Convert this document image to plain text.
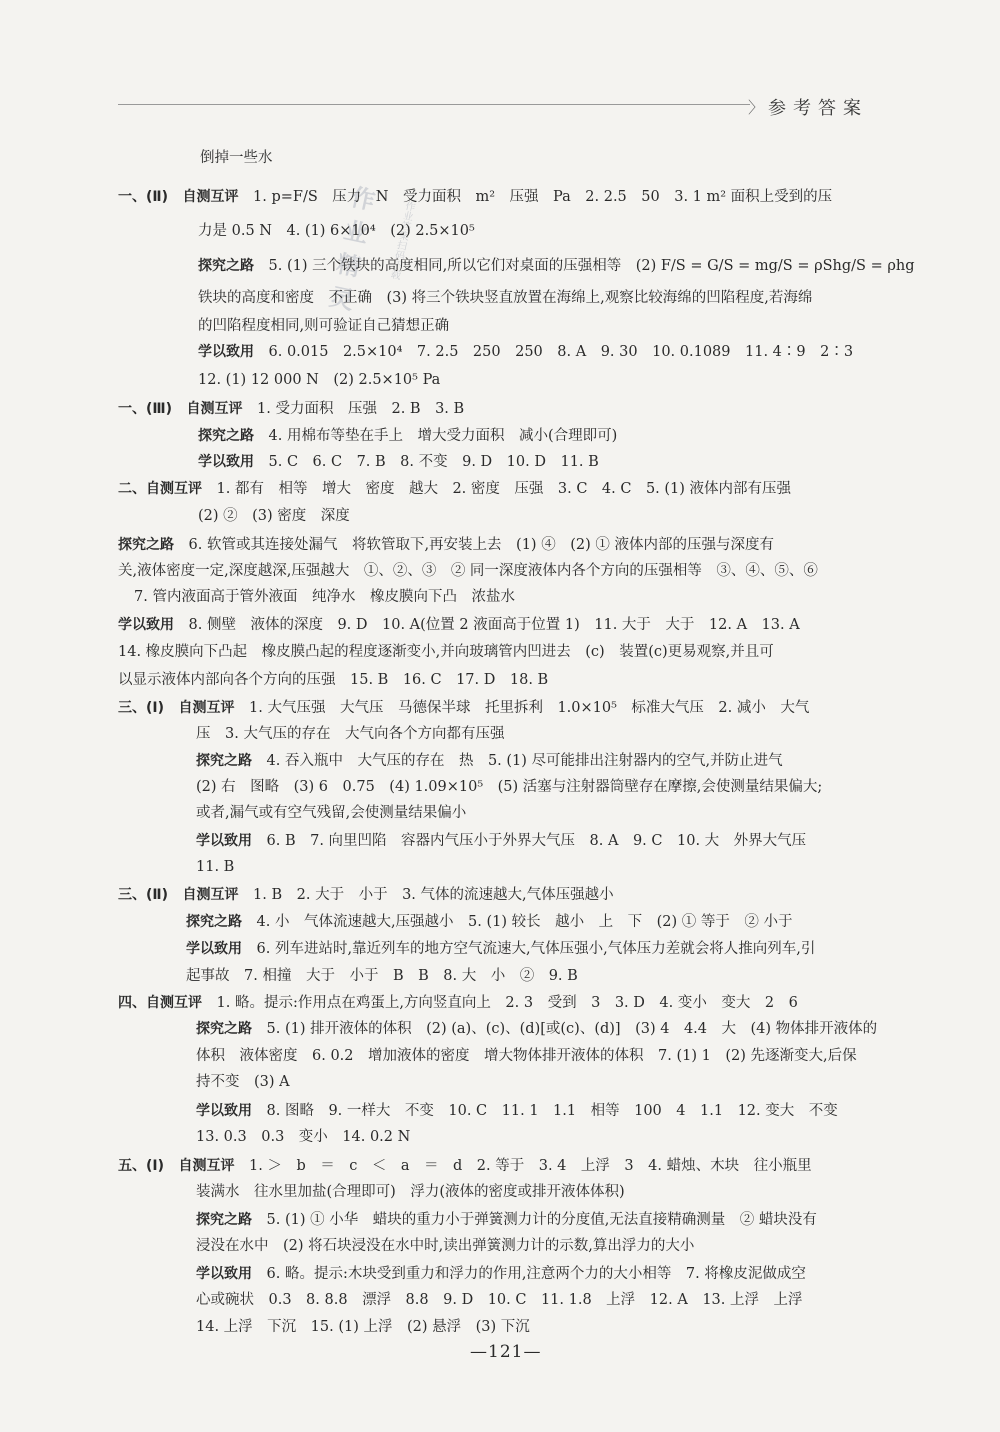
〉 参考答案
作业精灵	作业答案扫码下载
倒掉一些水
一、(Ⅱ)　 自测互评　1. p=F/S　压力　N　受力面积　m²　压强　Pa　2. 2.5　50　3. 1 m² 面积上受到的压
力是 0.5 N　4. (1) 6×10⁴　(2) 2.5×10⁵
探究之路　5. (1) 三个铁块的高度相同,所以它们对桌面的压强相等　(2) F/S = G/S = mg/S = ρShg/S = ρhg
铁块的高度和密度　不正确　(3) 将三个铁块竖直放置在海绵上,观察比较海绵的凹陷程度,若海绵
的凹陷程度相同,则可验证自己猜想正确
学以致用　6. 0.015　2.5×10⁴　7. 2.5　250　250　8. A　9. 30　10. 0.1089　11. 4∶9　2∶3
12. (1) 12 000 N　(2) 2.5×10⁵ Pa
一、(Ⅲ)　 自测互评　1. 受力面积　压强　2. B　3. B
探究之路　4. 用棉布等垫在手上　增大受力面积　减小(合理即可)
学以致用　5. C　6. C　7. B　8. 不变　9. D　10. D　11. B
二、自测互评　1. 都有　相等　增大　密度　越大　2. 密度　压强　3. C　4. C　5. (1) 液体内部有压强
(2) ②　(3) 密度　深度
探究之路　6. 软管或其连接处漏气　将软管取下,再安装上去　(1) ④　(2) ① 液体内部的压强与深度有
关,液体密度一定,深度越深,压强越大　①、②、③　② 同一深度液体内各个方向的压强相等　③、④、⑤、⑥
7. 管内液面高于管外液面　纯净水　橡皮膜向下凸　浓盐水
学以致用　8. 侧壁　液体的深度　9. D　10. A(位置 2 液面高于位置 1)　11. 大于　大于　12. A　13. A
14. 橡皮膜向下凸起　橡皮膜凸起的程度逐渐变小,并向玻璃管内凹进去　(c)　装置(c)更易观察,并且可
以显示液体内部向各个方向的压强　15. B　16. C　17. D　18. B
三、(Ⅰ)　 自测互评　1. 大气压强　大气压　马德保半球　托里拆利　1.0×10⁵　标准大气压　2. 减小　大气
压　3. 大气压的存在　大气向各个方向都有压强
探究之路　4. 吞入瓶中　大气压的存在　热　5. (1) 尽可能排出注射器内的空气,并防止进气
(2) 右　图略　(3) 6　0.75　(4) 1.09×10⁵　(5) 活塞与注射器筒壁存在摩擦,会使测量结果偏大;
或者,漏气或有空气残留,会使测量结果偏小
学以致用　6. B　7. 向里凹陷　容器内气压小于外界大气压　8. A　9. C　10. 大　外界大气压
11. B
三、(Ⅱ)　 自测互评　1. B　2. 大于　小于　3. 气体的流速越大,气体压强越小
探究之路　4. 小　气体流速越大,压强越小　5. (1) 较长　越小　上　下　(2) ① 等于　② 小于
学以致用　6. 列车进站时,靠近列车的地方空气流速大,气体压强小,气体压力差就会将人推向列车,引
起事故　7. 相撞　大于　小于　B　B　8. 大　小　②　9. B
四、自测互评　1. 略。提示:作用点在鸡蛋上,方向竖直向上　2. 3　受到　3　3. D　4. 变小　变大　2　6
探究之路　5. (1) 排开液体的体积　(2) (a)、(c)、(d)[或(c)、(d)]　(3) 4　4.4　大　(4) 物体排开液体的
体积　液体密度　6. 0.2　增加液体的密度　增大物体排开液体的体积　7. (1) 1　(2) 先逐渐变大,后保
持不变　(3) A
学以致用　8. 图略　9. 一样大　不变　10. C　11. 1　1.1　相等　100　4　1.1　12. 变大　不变
13. 0.3　0.3　变小　14. 0.2 N
五、(Ⅰ)　 自测互评　1. ＞　b　＝　c　＜　a　＝　d　2. 等于　3. 4　上浮　3　4. 蜡烛、木块　往小瓶里
装满水　往水里加盐(合理即可)　浮力(液体的密度或排开液体体积)
探究之路　5. (1) ① 小华　蜡块的重力小于弹簧测力计的分度值,无法直接精确测量　② 蜡块没有
浸没在水中　(2) 将石块浸没在水中时,读出弹簧测力计的示数,算出浮力的大小
学以致用　6. 略。提示:木块受到重力和浮力的作用,注意两个力的大小相等　7. 将橡皮泥做成空
心或碗状　0.3　8. 8.8　漂浮　8.8　9. D　10. C　11. 1.8　上浮　12. A　13. 上浮　上浮
14. 上浮　下沉　15. (1) 上浮　(2) 悬浮　(3) 下沉
—121—
